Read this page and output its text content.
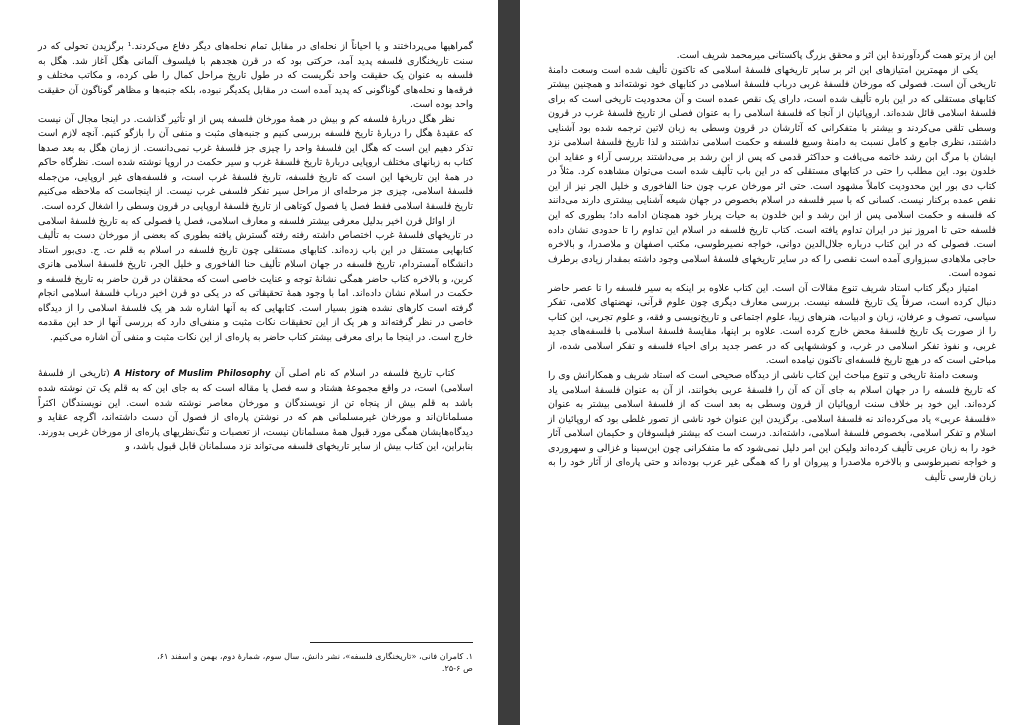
گمراهیها می‌پرداختند و یا احیاناً از نحله‌ای در مقابل تمام نحله‌های دیگر دفاع می‌کردند.¹ برگزیدن تحولی که در سنت تاریخنگاری فلسفه پدید آمد، حرکتی بود که در قرن هجدهم با فیلسوف آلمانی هگل آغاز شد. هگل به فلسفه به عنوان یک حقیقت واحد نگریست که در طول تاریخ مراحل کمال را طی کرده، و مکاتب مختلف و فرقه‌ها و نحله‌های گوناگونی که پدید آمده است در مقابل یکدیگر نبوده، بلکه جنبه‌ها و مظاهر گوناگون آن حقیقت واحد بوده است.

نظر هگل دربارهٔ فلسفه کم و بیش در همهٔ مورخان فلسفه پس از او تأثیر گذاشت. در اینجا مجال آن نیست که عقیدهٔ هگل را دربارهٔ تاریخ فلسفه بررسی کنیم و جنبه‌های مثبت و منفی آن را بازگو کنیم. آنچه لازم است تذکر دهیم این است که هگل این فلسفهٔ واحد را چیزی جز فلسفهٔ غرب نمی‌دانست. از زمان هگل به بعد صدها کتاب به زبانهای مختلف اروپایی دربارهٔ تاریخ فلسفهٔ غرب و سیر حکمت در اروپا نوشته شده است. نظرگاه حاکم در همهٔ این تاریخها این است که تاریخ فلسفه، تاریخ فلسفهٔ غرب است، و فلسفه‌های غیر اروپایی، من‌جمله فلسفهٔ اسلامی، چیزی جز مرحله‌ای از مراحل سیر تفکر فلسفی غرب نیست. از اینجاست که ملاحظه می‌کنیم تاریخ فلسفهٔ اسلامی فقط فصل یا فصول کوتاهی از تاریخ فلسفهٔ اروپایی در قرون وسطی را اشغال کرده است.

از اوائل قرن اخیر بدلیل معرفی بیشتر فلسفه و معارف اسلامی، فصل یا فصولی که به تاریخ فلسفهٔ اسلامی در تاریخهای فلسفهٔ غرب اختصاص داشته رفته رفته گسترش یافته بطوری که بعضی از مورخان دست به تألیف کتابهایی مستقل در این باب زده‌اند. کتابهای مستقلی چون تاریخ فلسفه در اسلام به قلم ت. ج. دی‌بور استاد دانشگاه آمستردام، تاریخ فلسفه در جهان اسلام تألیف حنا الفاخوری و خلیل الجر، تاریخ فلسفهٔ اسلامی هانری کربن، و بالاخره کتاب حاضر همگی نشانهٔ توجه و عنایت خاصی است که محققان در قرن حاضر به تاریخ فلسفه و حکمت در اسلام نشان داده‌اند. اما با وجود همهٔ تحقیقاتی که در یکی دو قرن اخیر درباب فلسفهٔ اسلامی انجام گرفته است کارهای نشده هنوز بسیار است. کتابهایی که به آنها اشاره شد هر یک فلسفهٔ اسلامی را از دیدگاه خاصی در نظر گرفته‌اند و هر یک از این تحقیقات نکات مثبت و منفی‌ای دارد که بررسی آنها از حد این مقدمه خارج است. در اینجا ما برای معرفی بیشتر کتاب حاضر به پاره‌ای از این نکات مثبت و منفی آن اشاره می‌کنیم.

کتاب تاریخ فلسفه در اسلام که نام اصلی آن A History of Muslim Philosophy (تاریخی از فلسفهٔ اسلامی) است، در واقع مجموعهٔ هشتاد و سه فصل یا مقاله است که به جای این که به قلم یک تن نوشته شده باشد به قلم بیش از پنجاه تن از نویسندگان و مورخان معاصر نوشته شده است. این نویسندگان اکثراً مسلمانان‌اند و مورخان غیرمسلمانی هم که در نوشتن پاره‌ای از فصول آن دست داشته‌اند، اگرچه عقاید و دیدگاه‌هایشان همگی مورد قبول همهٔ مسلمانان نیست، از تعصبات و تنگ‌نظریهای پاره‌ای از مورخان غربی بدورند. بنابراین، این کتاب بیش از سایر تاریخهای فلسفه می‌تواند نزد مسلمانان قابل قبول باشد، و

۱. کامران فانی، «تاریخنگاری فلسفه»، نشر دانش، سال سوم، شمارهٔ دوم، بهمن و اسفند ۶۱، ص ۶-۲۵.

این از پرتو همت گردآورندهٔ این اثر و محقق بزرگ پاکستانی میرمحمد شریف است.

یکی از مهمترین امتیازهای این اثر بر سایر تاریخهای فلسفهٔ اسلامی که تاکنون تألیف شده است وسعت دامنهٔ تاریخی آن است. فصولی که مورخان فلسفهٔ غربی درباب فلسفهٔ اسلامی در کتابهای خود نوشته‌اند و همچنین بیشتر کتابهای مستقلی که در این باره تألیف شده است، دارای یک نقص عمده است و آن محدودیت تاریخی است که برای فلسفهٔ اسلامی قائل شده‌اند. اروپائیان از آنجا که فلسفهٔ اسلامی را به عنوان فصلی از تاریخ فلسفهٔ غرب در قرون وسطی تلقی می‌کردند و بیشتر با متفکرانی که آثارشان در قرون وسطی به زبان لاتین ترجمه شده بود آشنایی داشتند، نظری جامع و کامل نسبت به دامنهٔ وسیع فلسفه و حکمت اسلامی نداشتند و لذا تاریخ فلسفهٔ اسلامی نزد ایشان با مرگ ابن رشد خاتمه می‌یافت و حداکثر قدمی که پس از ابن رشد بر می‌داشتند بررسی آراء و عقاید ابن خلدون بود. این مطلب را حتی در کتابهای مستقلی که در این باب تألیف شده است می‌توان مشاهده کرد. مثلاً در کتاب دی بور این محدودیت کاملاً مشهود است. حتی اثر مورخان عرب چون حنا الفاخوری و خلیل الجر نیز از این نقص عمده برکنار نیست. کسانی که با سیر فلسفه در اسلام بخصوص در جهان شیعه آشنایی بیشتری دارند می‌دانند که فلسفه و حکمت اسلامی پس از ابن رشد و ابن خلدون به حیات پربار خود همچنان ادامه داد؛ بطوری که این فلسفه حتی تا امروز نیز در ایران تداوم یافته است. کتاب تاریخ فلسفه در اسلام این تداوم را تا حدودی نشان داده است. فصولی که در این کتاب درباره جلال‌الدین دوانی، خواجه نصیرطوسی، مکتب اصفهان و ملاصدرا، و بالاخره حاجی ملاهادی سبزواری آمده است نقصی را که در سایر تاریخهای فلسفهٔ اسلامی وجود داشته بمقدار زیادی برطرف نموده است.

امتیاز دیگر کتاب استاد شریف تنوع مقالات آن است. این کتاب علاوه بر اینکه به سیر فلسفه را تا عصر حاضر دنبال کرده است، صرفاً یک تاریخ فلسفه نیست. بررسی معارف دیگری چون علوم قرآنی، نهضتهای کلامی، تفکر سیاسی، تصوف و عرفان، زبان و ادبیات، هنرهای زیبا، علوم اجتماعی و تاریخ‌نویسی و فقه، و علوم تجربی، این کتاب را از صورت یک تاریخ فلسفهٔ محض خارج کرده است. علاوه بر اینها، مقایسهٔ فلسفهٔ اسلامی با فلسفه‌های جدید غربی، و نفوذ تفکر اسلامی در غرب، و کوششهایی که در عصر جدید برای احیاء فلسفه و تفکر اسلامی شده، از مباحثی است که در هیچ تاریخ فلسفه‌ای تاکنون نیامده است.

وسعت دامنهٔ تاریخی و تنوع مباحث این کتاب ناشی از دیدگاه صحیحی است که استاد شریف و همکارانش وی را که تاریخ فلسفه را در جهان اسلام به جای آن که آن را فلسفهٔ عربی بخوانند، از آن به عنوان فلسفهٔ اسلامی یاد کرده‌اند. این خود بر خلاف سنت اروپائیان از قرون وسطی به بعد است که از فلسفهٔ اسلامی بیشتر به عنوان «فلسفهٔ عربی» یاد می‌کرده‌اند نه فلسفهٔ اسلامی. برگزیدن این عنوان خود ناشی از تصور غلطی بود که اروپائیان از اسلام و تفکر اسلامی، بخصوص فلسفهٔ اسلامی، داشته‌اند. درست است که بیشتر فیلسوفان و حکیمان اسلامی آثار خود را به زبان عربی تألیف کرده‌اند ولیکن این امر دلیل نمی‌شود که ما متفکرانی چون ابن‌سینا و غزالی و سهروردی و خواجه نصیرطوسی و بالاخره ملاصدرا و پیروان او را که همگی غیر عرب بوده‌اند و حتی پاره‌ای از آثار خود را به زبان فارسی تألیف
